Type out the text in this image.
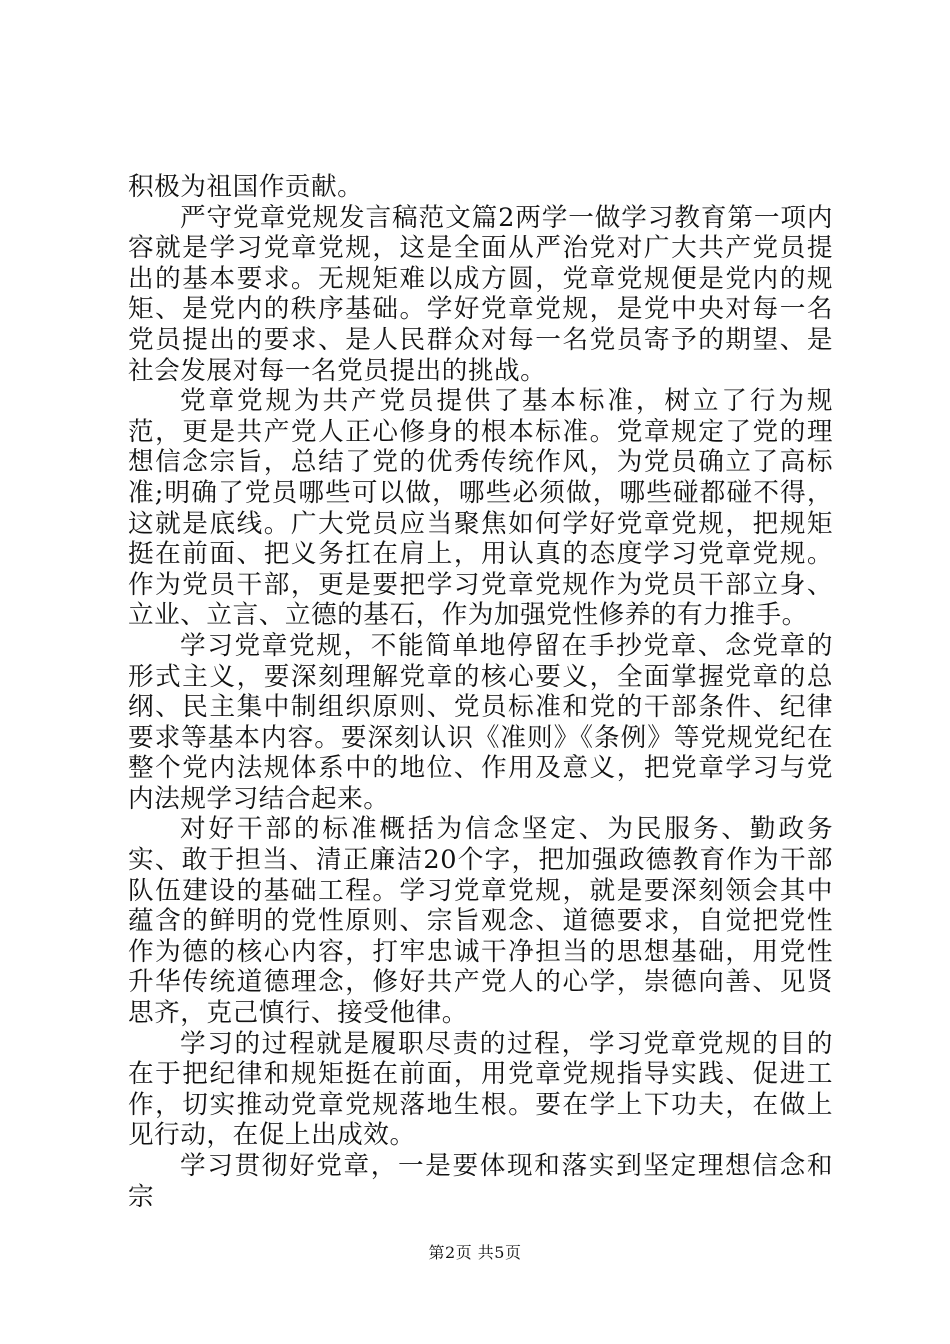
积极为祖国作贡献。

严守党章党规发言稿范文篇2两学一做学习教育第一项内容就是学习党章党规，这是全面从严治党对广大共产党员提出的基本要求。无规矩难以成方圆，党章党规便是党内的规矩、是党内的秩序基础。学好党章党规，是党中央对每一名党员提出的要求、是人民群众对每一名党员寄予的期望、是社会发展对每一名党员提出的挑战。

党章党规为共产党员提供了基本标准，树立了行为规范，更是共产党人正心修身的根本标准。党章规定了党的理想信念宗旨，总结了党的优秀传统作风，为党员确立了高标准;明确了党员哪些可以做，哪些必须做，哪些碰都碰不得，这就是底线。广大党员应当聚焦如何学好党章党规，把规矩挺在前面、把义务扛在肩上，用认真的态度学习党章党规。作为党员干部，更是要把学习党章党规作为党员干部立身、立业、立言、立德的基石，作为加强党性修养的有力推手。

学习党章党规，不能简单地停留在手抄党章、念党章的形式主义，要深刻理解党章的核心要义，全面掌握党章的总纲、民主集中制组织原则、党员标准和党的干部条件、纪律要求等基本内容。要深刻认识《准则》《条例》等党规党纪在整个党内法规体系中的地位、作用及意义，把党章学习与党内法规学习结合起来。

对好干部的标准概括为信念坚定、为民服务、勤政务实、敢于担当、清正廉洁20个字，把加强政德教育作为干部队伍建设的基础工程。学习党章党规，就是要深刻领会其中蕴含的鲜明的党性原则、宗旨观念、道德要求，自觉把党性作为德的核心内容，打牢忠诚干净担当的思想基础，用党性升华传统道德理念，修好共产党人的心学，崇德向善、见贤思齐，克己慎行、接受他律。

学习的过程就是履职尽责的过程，学习党章党规的目的在于把纪律和规矩挺在前面，用党章党规指导实践、促进工作，切实推动党章党规落地生根。要在学上下功夫，在做上见行动，在促上出成效。

学习贯彻好党章，一是要体现和落实到坚定理想信念和宗

第2页 共5页
